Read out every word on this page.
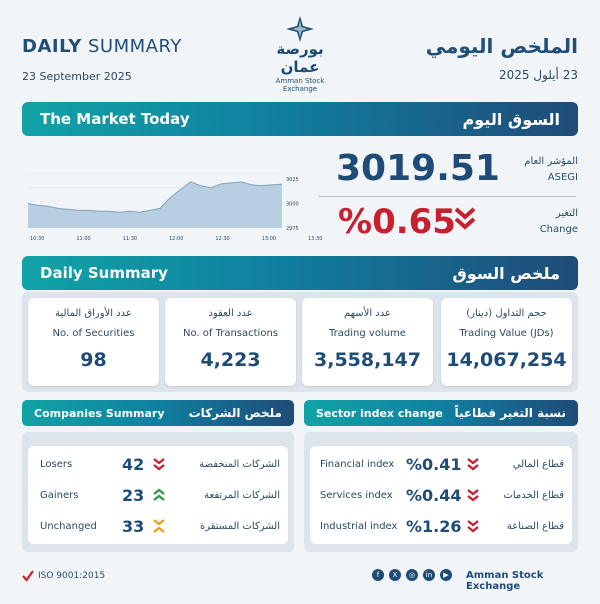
DAILY SUMMARY	الملخص اليومي
23 September 2025	23 أيلول 2025
بورصة عمان
Amman Stock Exchange
The Market Today	السوق اليوم
3025
3000
2975
10:30	11:00	11:30	12:00	12:30	13:00	13:30
3019.51 المؤشر العام
ASEGI
%0.65	التغير
Change
Daily Summary	ملخص السوق
عدد الأوراق المالية
No. of Securities
98
عدد العقود
No. of Transactions
4,223
عدد الأسهم
Trading volume
3,558,147
حجم التداول (دينار)
Trading Value (JDs)
14,067,254
Companies Summary ملخص الشركات
Losers	42	الشركات المنخفضة
Gainers	23	الشركات المرتفعة
Unchanged	33	الشركات المستقرة
Sector index change نسبة التغير قطاعياً
Financial index %0.41	قطاع المالي
Services index %0.44	قطاع الخدمات
Industrial index %1.26	قطاع الصناعة
ISO 9001:2015	f	X	◎	in	▶	Amman Stock Exchange
